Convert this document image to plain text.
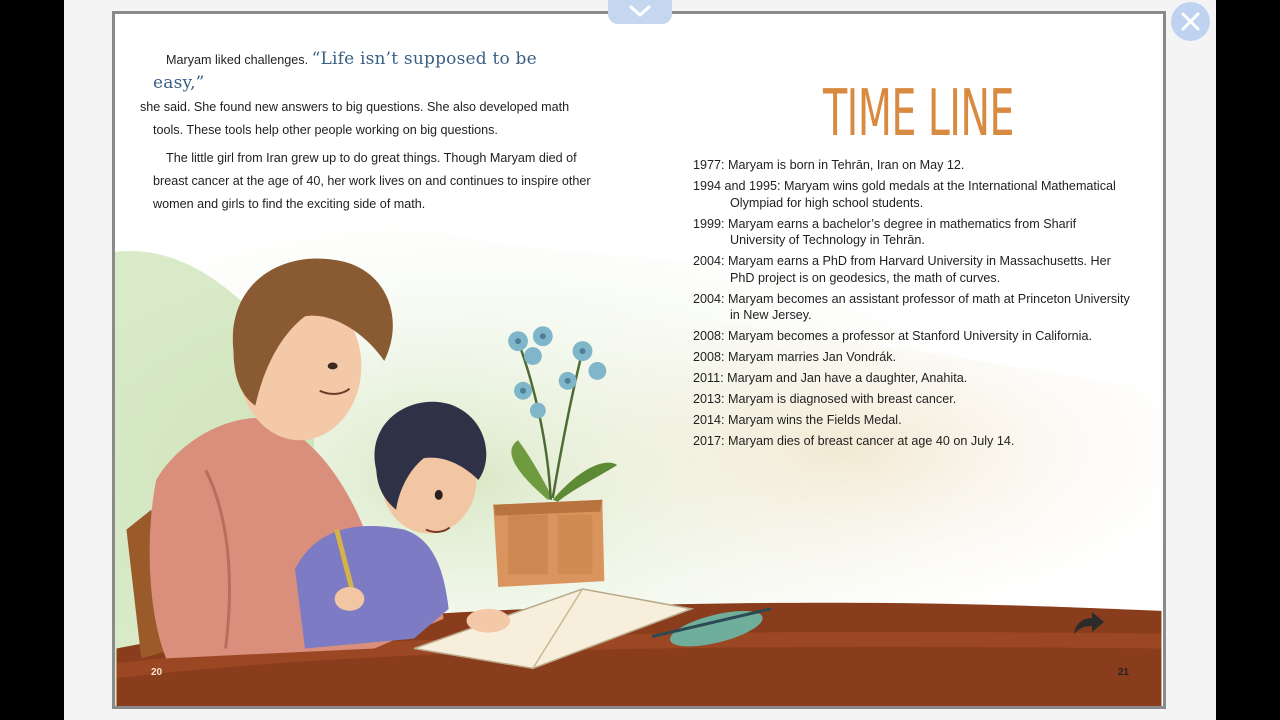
Maryam liked challenges. “Life isn’t supposed to be easy,”
she said. She found new answers to big questions. She also developed math tools. These tools help other people working on big questions.

The little girl from Iran grew up to do great things. Though Maryam died of breast cancer at the age of 40, her work lives on and continues to inspire other women and girls to find the exciting side of math.

TIME LINE
1977: Maryam is born in Tehrān, Iran on May 12.
1994 and 1995: Maryam wins gold medals at the International Mathematical Olympiad for high school students.
1999: Maryam earns a bachelor’s degree in mathematics from Sharif University of Technology in Tehrān.
2004: Maryam earns a PhD from Harvard University in Massachusetts. Her PhD project is on geodesics, the math of curves.
2004: Maryam becomes an assistant professor of math at Princeton University in New Jersey.
2008: Maryam becomes a professor at Stanford University in California.
2008: Maryam marries Jan Vondrák.
2011: Maryam and Jan have a daughter, Anahita.
2013: Maryam is diagnosed with breast cancer.
2014: Maryam wins the Fields Medal.
2017: Maryam dies of breast cancer at age 40 on July 14.
20	21
